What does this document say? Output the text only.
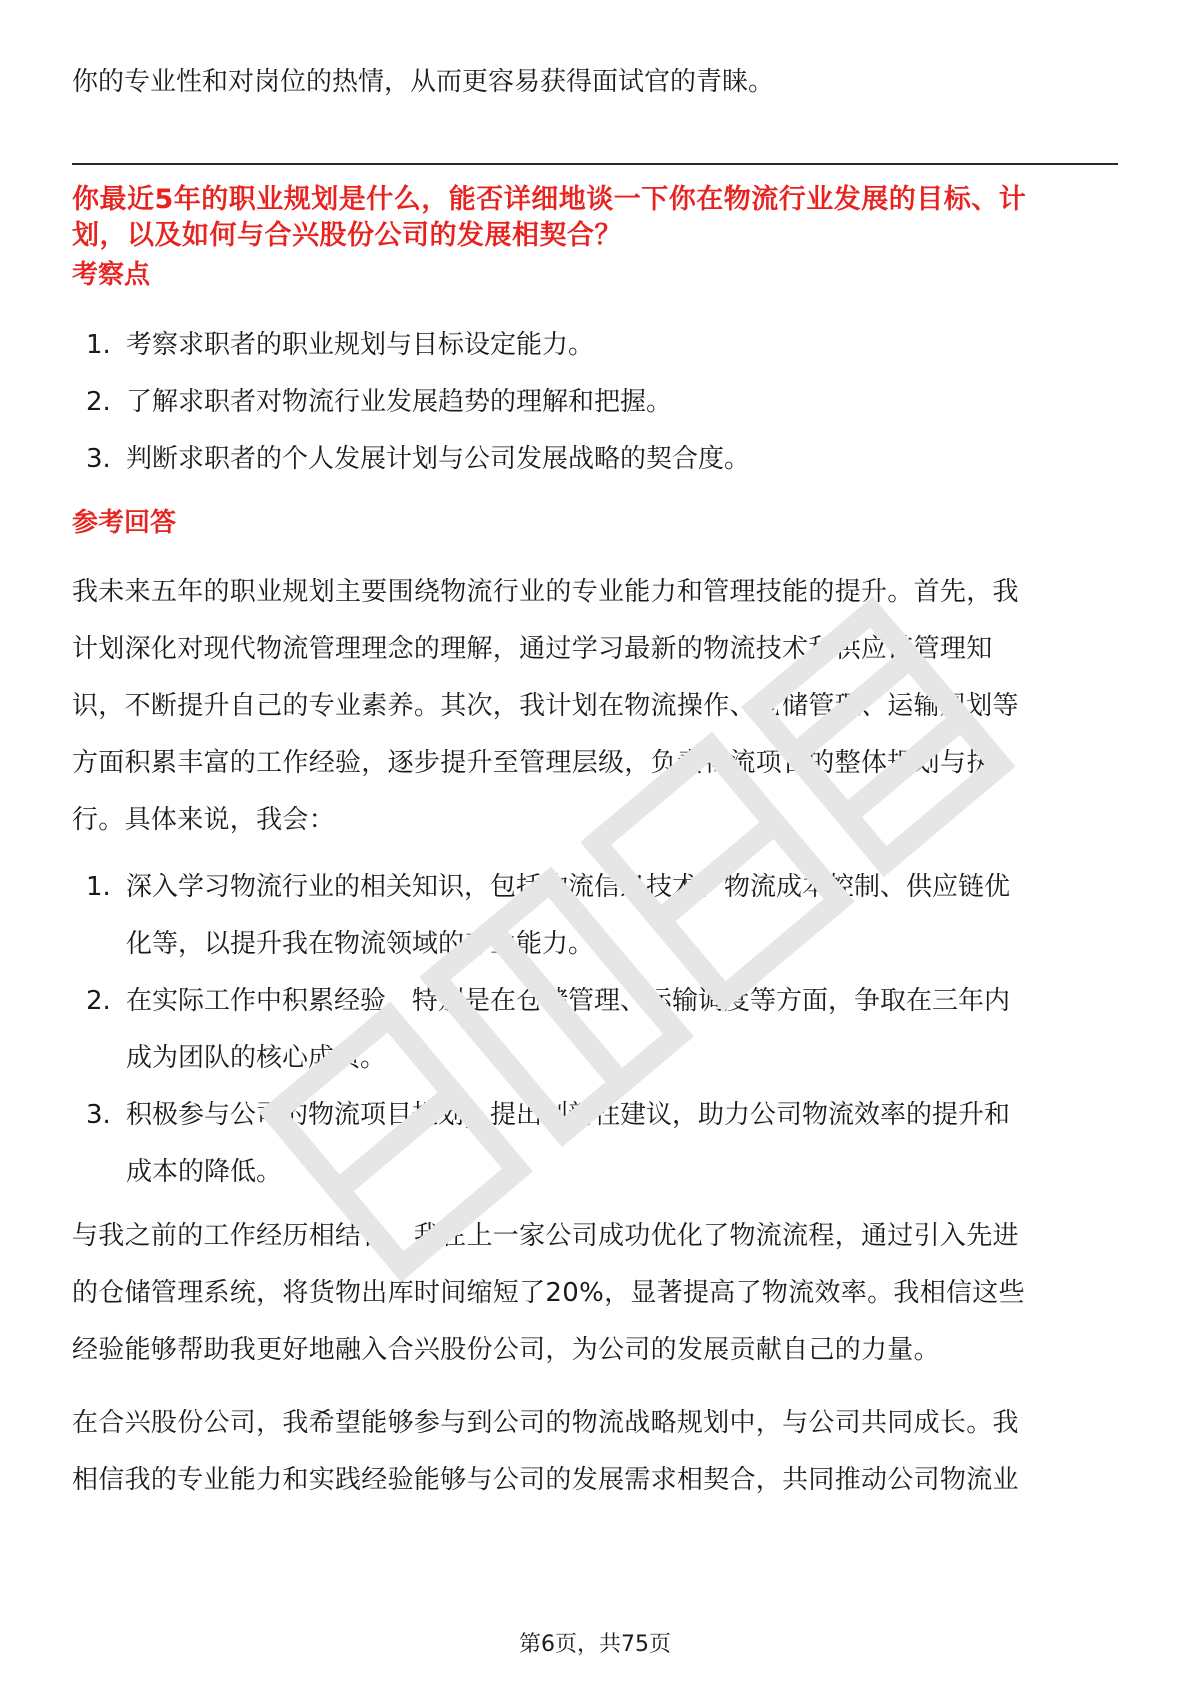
你的专业性和对岗位的热情，从而更容易获得面试官的青睐。
你最近5年的职业规划是什么，能否详细地谈一下你在物流行业发展的目标、计
划，以及如何与合兴股份公司的发展相契合？
考察点
1. 考察求职者的职业规划与目标设定能力。
2. 了解求职者对物流行业发展趋势的理解和把握。
3. 判断求职者的个人发展计划与公司发展战略的契合度。
参考回答
我未来五年的职业规划主要围绕物流行业的专业能力和管理技能的提升。首先，我
计划深化对现代物流管理理念的理解，通过学习最新的物流技术和供应链管理知
识，不断提升自己的专业素养。其次，我计划在物流操作、仓储管理、运输规划等
方面积累丰富的工作经验，逐步提升至管理层级，负责物流项目的整体规划与执
行。具体来说，我会：
1. 深入学习物流行业的相关知识，包括物流信息技术、物流成本控制、供应链优
化等，以提升我在物流领域的专业能力。
2. 在实际工作中积累经验，特别是在仓储管理、运输调度等方面，争取在三年内
成为团队的核心成员。
3. 积极参与公司的物流项目规划，提出创新性建议，助力公司物流效率的提升和
成本的降低。
与我之前的工作经历相结合，我在上一家公司成功优化了物流流程，通过引入先进
的仓储管理系统，将货物出库时间缩短了20%，显著提高了物流效率。我相信这些
经验能够帮助我更好地融入合兴股份公司，为公司的发展贡献自己的力量。
在合兴股份公司，我希望能够参与到公司的物流战略规划中，与公司共同成长。我
相信我的专业能力和实践经验能够与公司的发展需求相契合，共同推动公司物流业
第6页，共75页
